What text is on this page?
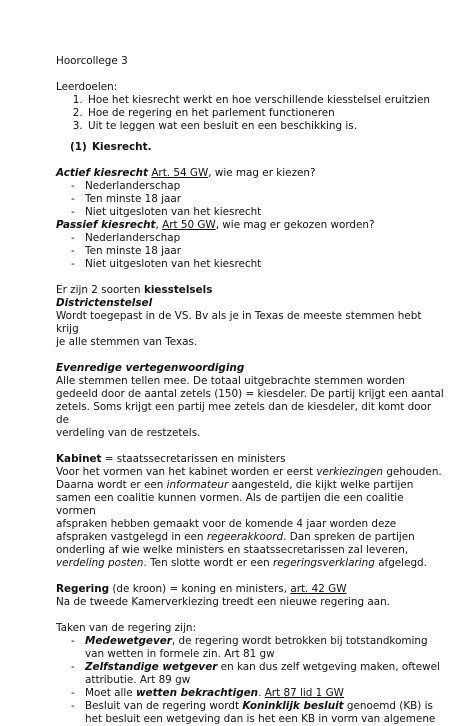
Hoorcollege 3

Leerdoelen:

1. Hoe het kiesrecht werkt en hoe verschillende kiesstelsel eruitzien
2. Hoe de regering en het parlement functioneren
3. Uit te leggen wat een besluit en een beschikking is.

(1) Kiesrecht.

Actief kiesrecht Art. 54 GW, wie mag er kiezen?

- Nederlanderschap
- Ten minste 18 jaar
- Niet uitgesloten van het kiesrecht

Passief kiesrecht, Art 50 GW, wie mag er gekozen worden?

- Nederlanderschap
- Ten minste 18 jaar
- Niet uitgesloten van het kiesrecht

Er zijn 2 soorten kiesstelsels

Districtenstelsel

Wordt toegepast in de VS. Bv als je in Texas de meeste stemmen hebt krijg

je alle stemmen van Texas.

Evenredige vertegenwoordiging

Alle stemmen tellen mee. De totaal uitgebrachte stemmen worden

gedeeld door de aantal zetels (150) = kiesdeler. De partij krijgt een aantal

zetels. Soms krijgt een partij mee zetels dan de kiesdeler, dit komt door de

verdeling van de restzetels.

Kabinet = staatssecretarissen en ministers

Voor het vormen van het kabinet worden er eerst verkiezingen gehouden.

Daarna wordt er een informateur aangesteld, die kijkt welke partijen

samen een coalitie kunnen vormen. Als de partijen die een coalitie vormen

afspraken hebben gemaakt voor de komende 4 jaar worden deze

afspraken vastgelegd in een regeerakkoord. Dan spreken de partijen

onderling af wie welke ministers en staatssecretarissen zal leveren,

verdeling posten. Ten slotte wordt er een regeringsverklaring afgelegd.

Regering (de kroon) = koning en ministers, art. 42 GW

Na de tweede Kamerverkiezing treedt een nieuwe regering aan.

Taken van de regering zijn:

- Medewetgever, de regering wordt betrokken bij totstandkoming
van wetten in formele zin. Art 81 gw
- Zelfstandige wetgever en kan dus zelf wetgeving maken, oftewel
attributie. Art 89 gw
- Moet alle wetten bekrachtigen. Art 87 lid 1 GW
- Besluit van de regering wordt Koninklijk besluit genoemd (KB) is
het besluit een wetgeving dan is het een KB in vorm van algemene
